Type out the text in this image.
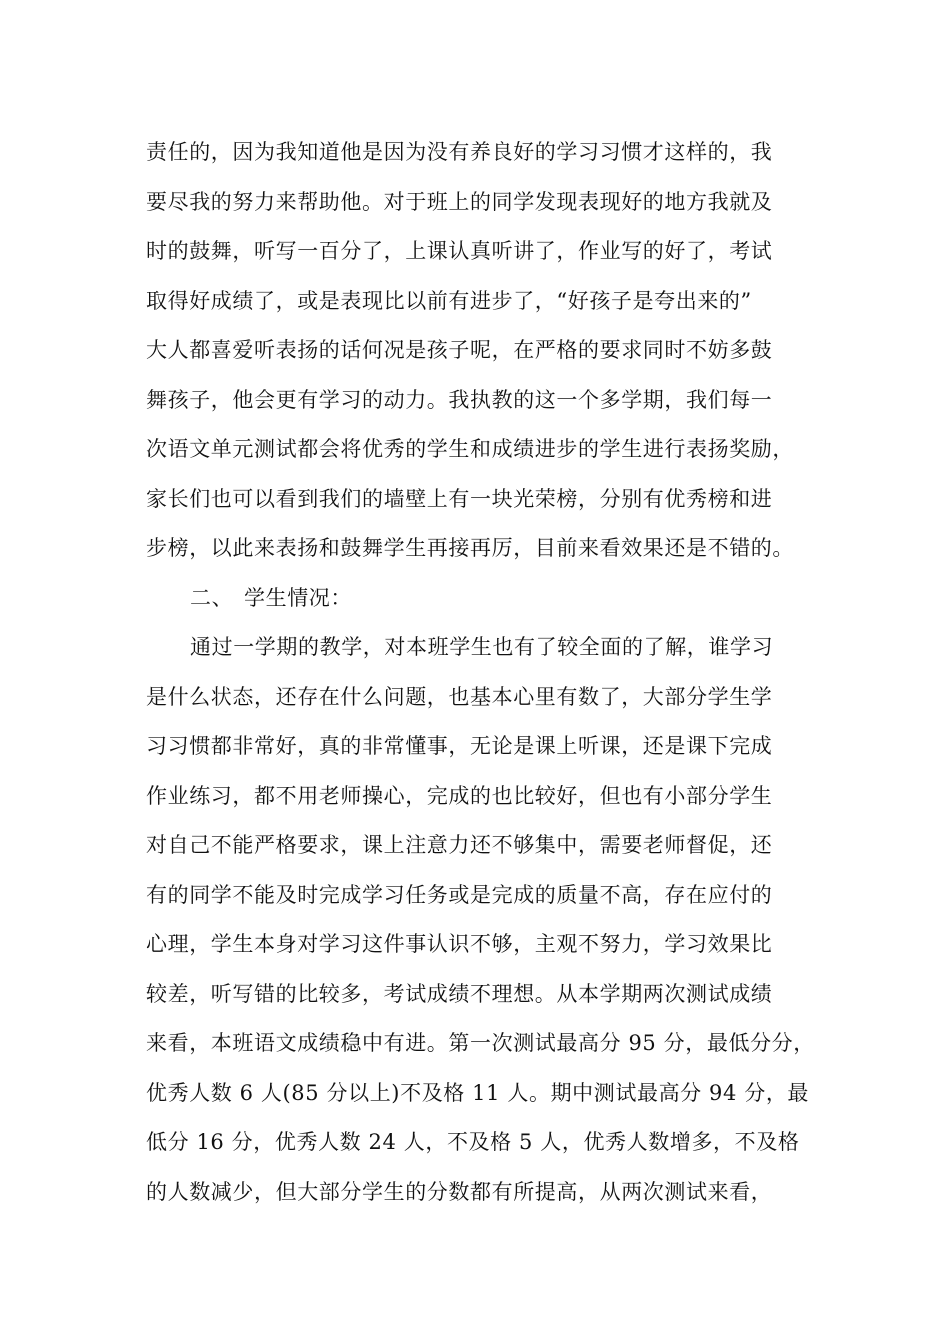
责任的，因为我知道他是因为没有养良好的学习习惯才这样的，我
要尽我的努力来帮助他。对于班上的同学发现表现好的地方我就及
时的鼓舞，听写一百分了，上课认真听讲了，作业写的好了，考试
取得好成绩了，或是表现比以前有进步了，“好孩子是夸出来的”
大人都喜爱听表扬的话何况是孩子呢，在严格的要求同时不妨多鼓
舞孩子，他会更有学习的动力。我执教的这一个多学期，我们每一
次语文单元测试都会将优秀的学生和成绩进步的学生进行表扬奖励，
家长们也可以看到我们的墙壁上有一块光荣榜，分别有优秀榜和进
步榜，以此来表扬和鼓舞学生再接再厉，目前来看效果还是不错的。
二、 学生情况：
通过一学期的教学，对本班学生也有了较全面的了解，谁学习
是什么状态，还存在什么问题，也基本心里有数了，大部分学生学
习习惯都非常好，真的非常懂事，无论是课上听课，还是课下完成
作业练习，都不用老师操心，完成的也比较好，但也有小部分学生
对自己不能严格要求，课上注意力还不够集中，需要老师督促，还
有的同学不能及时完成学习任务或是完成的质量不高，存在应付的
心理，学生本身对学习这件事认识不够，主观不努力，学习效果比
较差，听写错的比较多，考试成绩不理想。从本学期两次测试成绩
来看，本班语文成绩稳中有进。第一次测试最高分 95 分，最低分分，
优秀人数 6 人(85 分以上)不及格 11 人。期中测试最高分 94 分，最
低分 16 分，优秀人数 24 人，不及格 5 人，优秀人数增多，不及格
的人数减少，但大部分学生的分数都有所提高，从两次测试来看，
